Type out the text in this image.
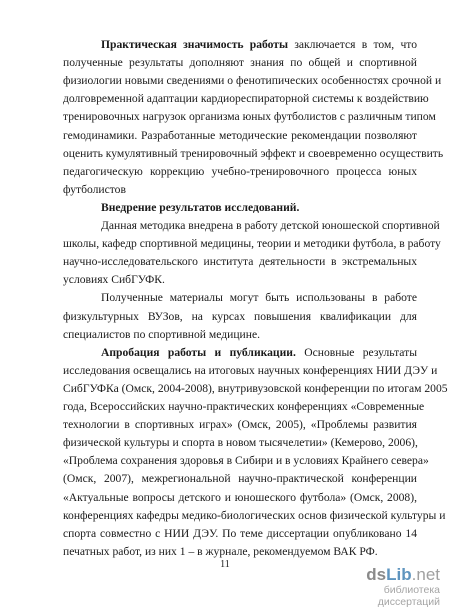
Практическая значимость работы заключается в том, что
полученные результаты дополняют знания по общей и спортивной
физиологии новыми сведениями о фенотипических особенностях срочной и
долговременной адаптации кардиореспираторной системы к воздействию
тренировочных нагрузок организма юных футболистов с различным типом
гемодинамики. Разработанные методические рекомендации позволяют
оценить кумулятивный тренировочный эффект и своевременно осуществить
педагогическую коррекцию учебно-тренировочного процесса юных
футболистов
Внедрение результатов исследований.
Данная методика внедрена в работу детской юношеской спортивной
школы, кафедр спортивной медицины, теории и методики футбола, в работу
научно-исследовательского института деятельности в экстремальных
условиях СибГУФК.
Полученные материалы могут быть использованы в работе
физкультурных ВУЗов, на курсах повышения квалификации для
специалистов по спортивной медицине.
Апробация работы и публикации. Основные результаты
исследования освещались на итоговых научных конференциях НИИ ДЭУ и
СибГУФКа (Омск, 2004-2008), внутривузовской конференции по итогам 2005
года, Всероссийских научно-практических конференциях «Современные
технологии в спортивных играх» (Омск, 2005), «Проблемы развития
физической культуры и спорта в новом тысячелетии» (Кемерово, 2006),
«Проблема сохранения здоровья в Сибири и в условиях Крайнего севера»
(Омск, 2007), межрегиональной научно-практической конференции
«Актуальные вопросы детского и юношеского футбола» (Омск, 2008),
конференциях кафедры медико-биологических основ физической культуры и
спорта совместно с НИИ ДЭУ. По теме диссертации опубликовано 14
печатных работ, из них 1 – в журнале, рекомендуемом ВАК РФ.
11
dsLib.net
библиотека диссертаций
